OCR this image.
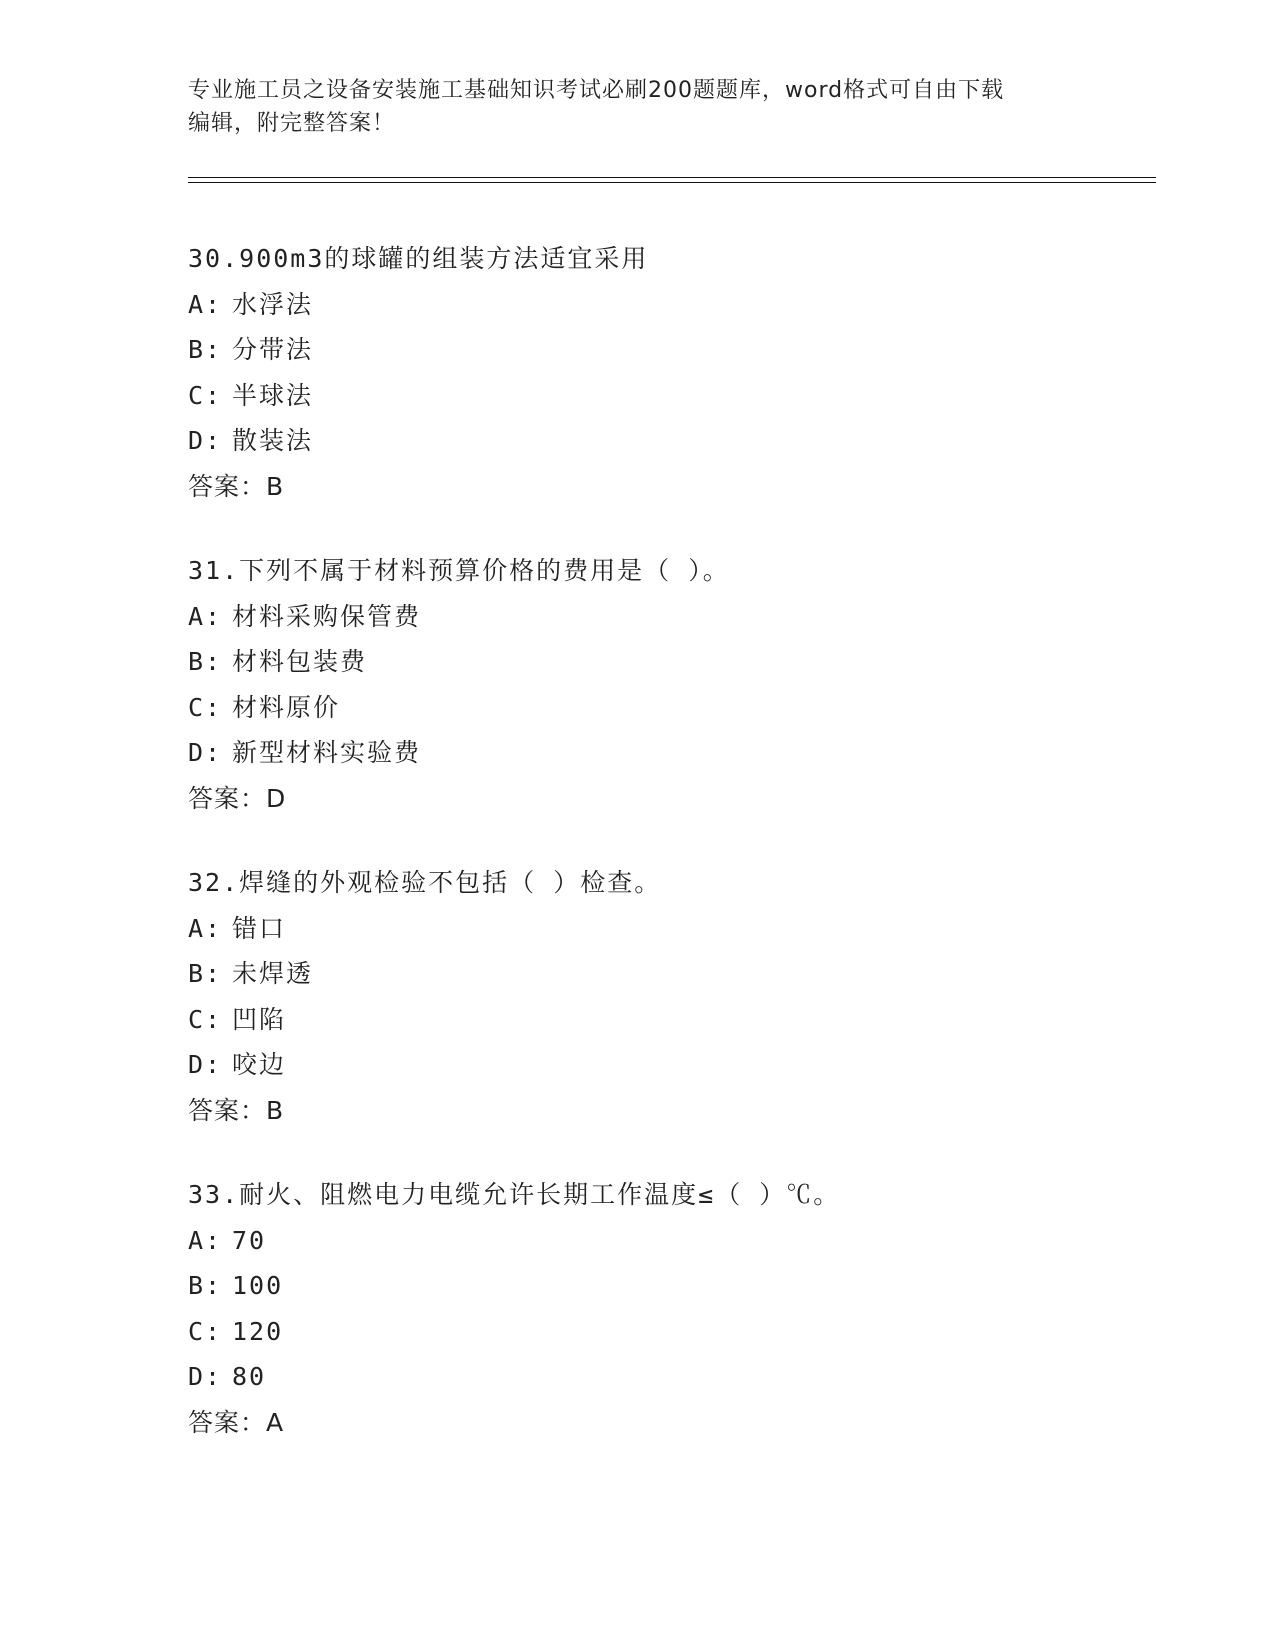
专业施工员之设备安装施工基础知识考试必刷200题题库，word格式可自由下载
编辑，附完整答案！
30.900m3的球罐的组装方法适宜采用
A: 水浮法
B: 分带法
C: 半球法
D: 散装法
答案：B
31.下列不属于材料预算价格的费用是（ ）。
A: 材料采购保管费
B: 材料包装费
C: 材料原价
D: 新型材料实验费
答案：D
32.焊缝的外观检验不包括（ ）检查。
A: 错口
B: 未焊透
C: 凹陷
D: 咬边
答案：B
33.耐火、阻燃电力电缆允许长期工作温度≤（ ）℃。
A: 70
B: 100
C: 120
D: 80
答案：A
